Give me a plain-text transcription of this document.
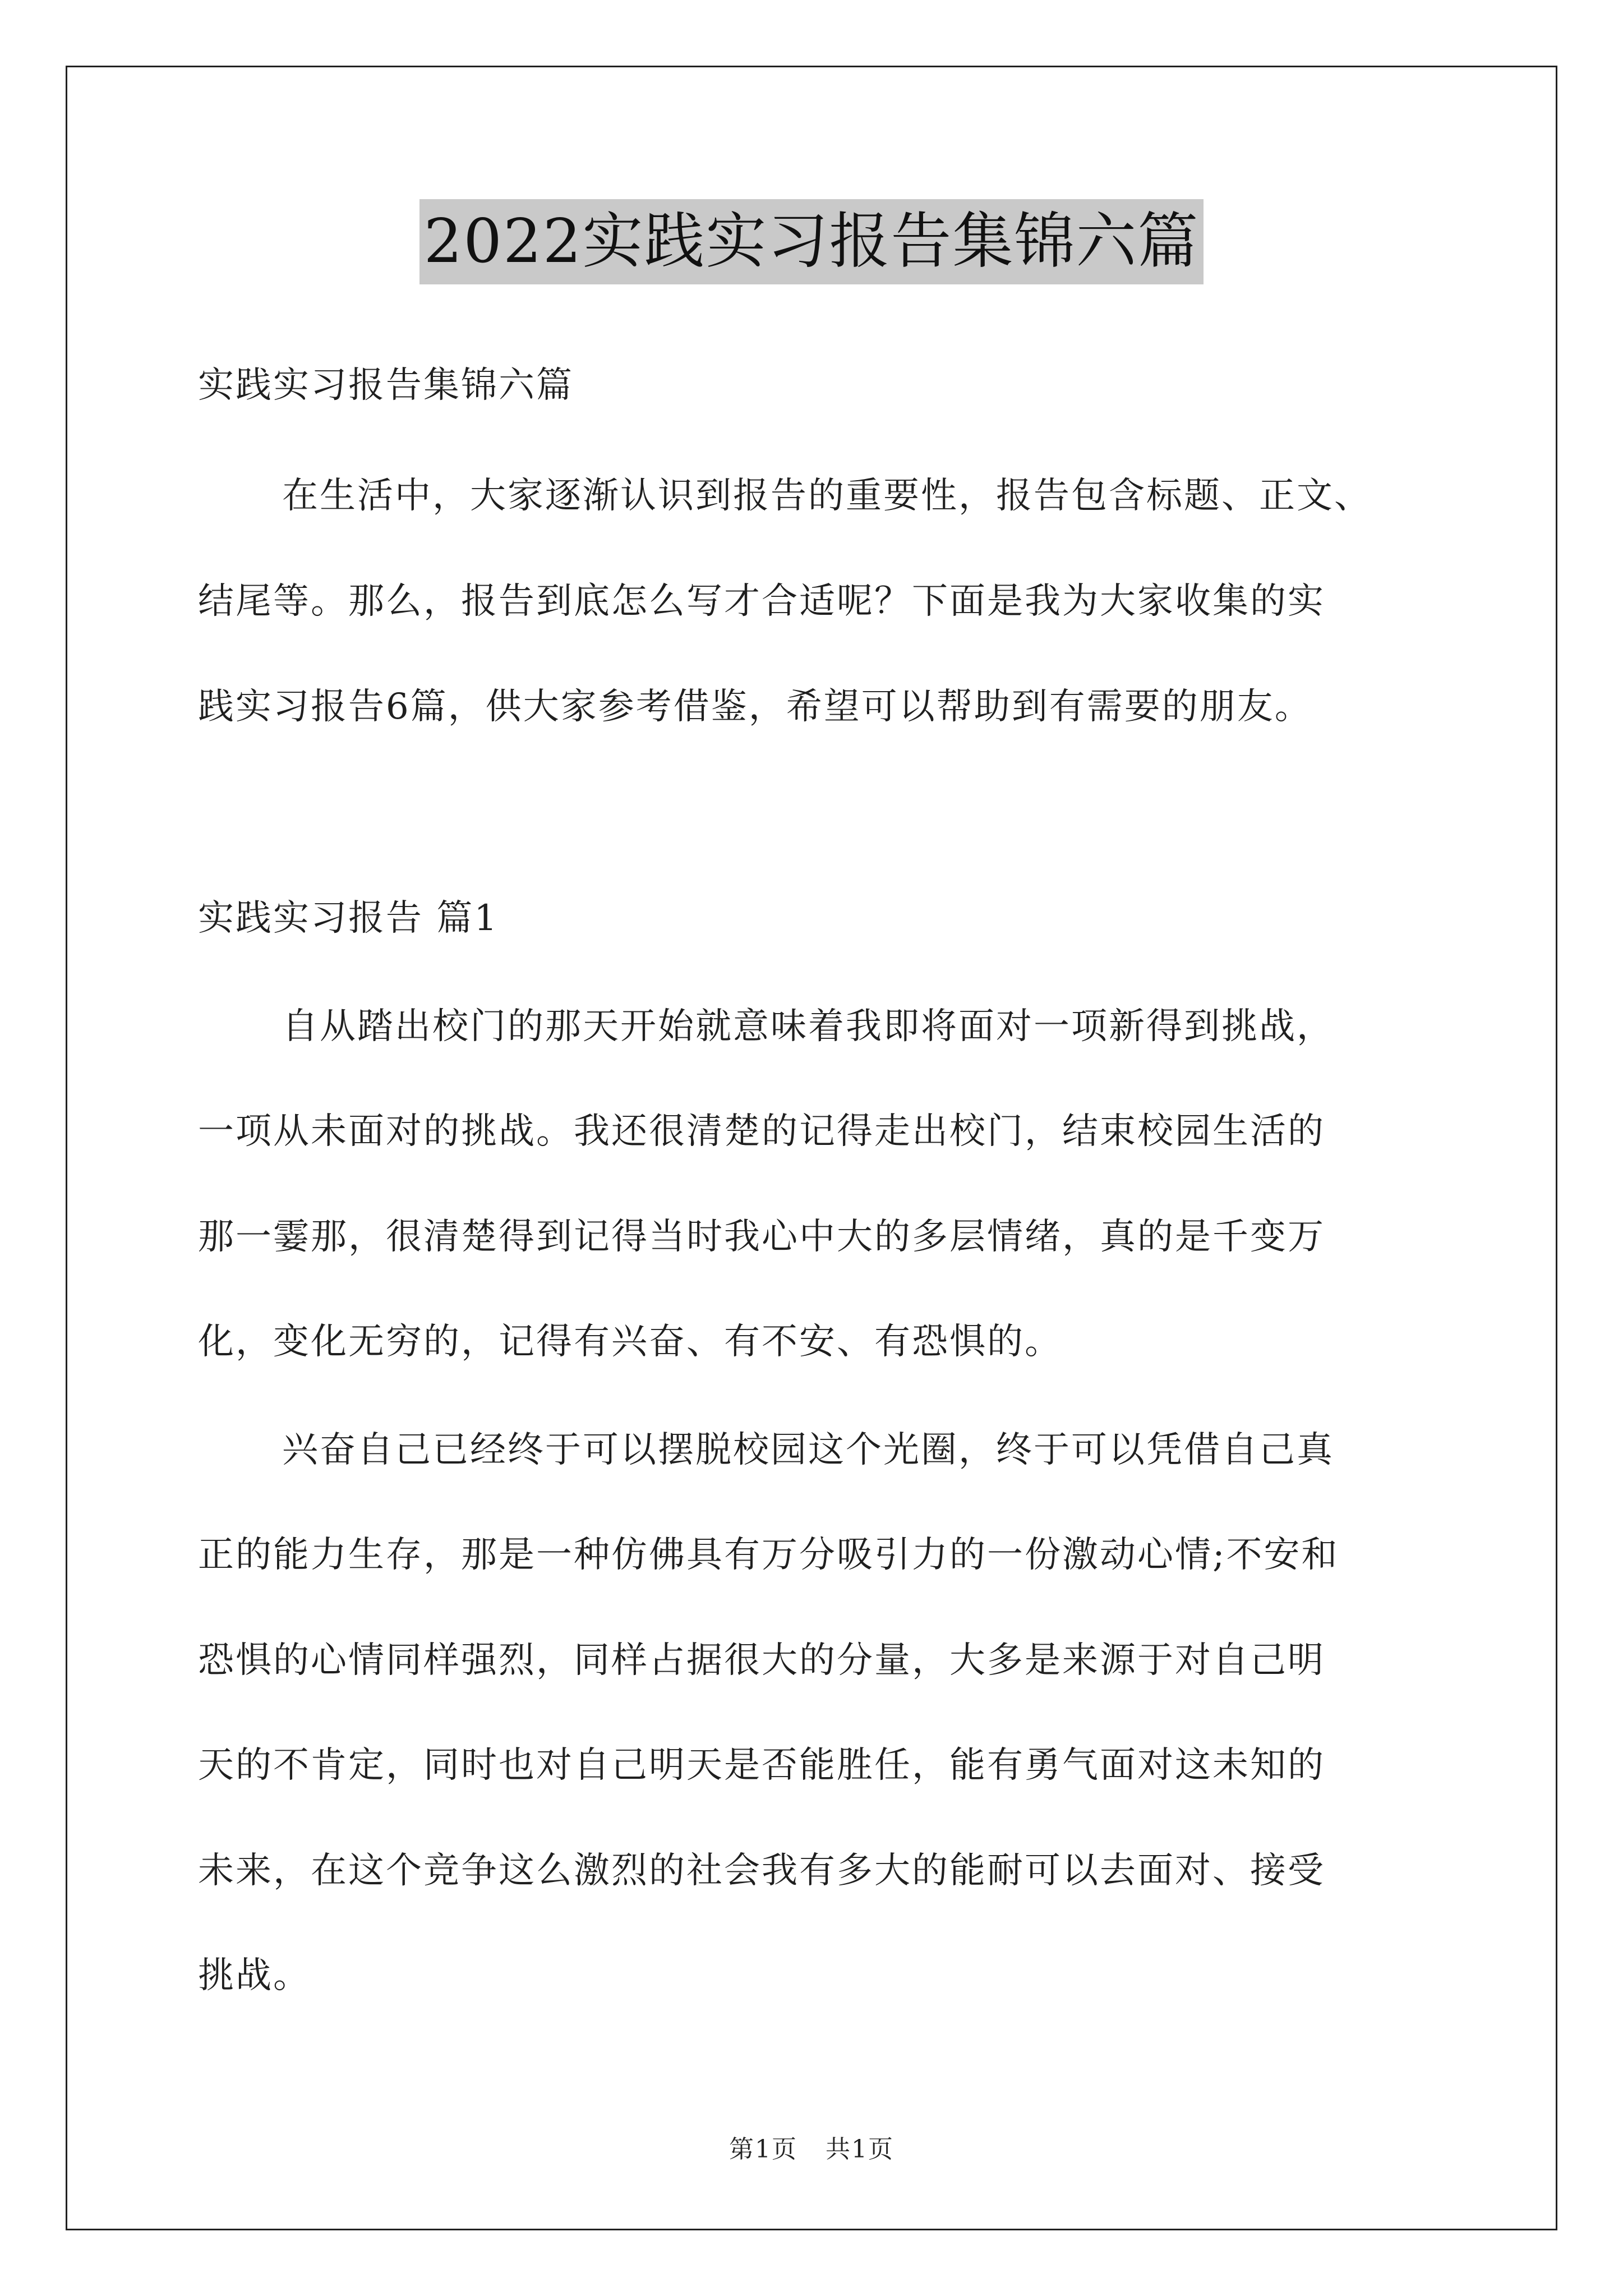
2022实践实习报告集锦六篇
实践实习报告集锦六篇
在生活中，大家逐渐认识到报告的重要性，报告包含标题、正文、
结尾等。那么，报告到底怎么写才合适呢？下面是我为大家收集的实
践实习报告6篇，供大家参考借鉴，希望可以帮助到有需要的朋友。
实践实习报告 篇1
自从踏出校门的那天开始就意味着我即将面对一项新得到挑战，
一项从未面对的挑战。我还很清楚的记得走出校门，结束校园生活的
那一霎那，很清楚得到记得当时我心中大的多层情绪，真的是千变万
化，变化无穷的，记得有兴奋、有不安、有恐惧的。
兴奋自己已经终于可以摆脱校园这个光圈，终于可以凭借自己真
正的能力生存，那是一种仿佛具有万分吸引力的一份激动心情;不安和
恐惧的心情同样强烈，同样占据很大的分量，大多是来源于对自己明
天的不肯定，同时也对自己明天是否能胜任，能有勇气面对这未知的
未来，在这个竞争这么激烈的社会我有多大的能耐可以去面对、接受
挑战。
第1页 共1页
